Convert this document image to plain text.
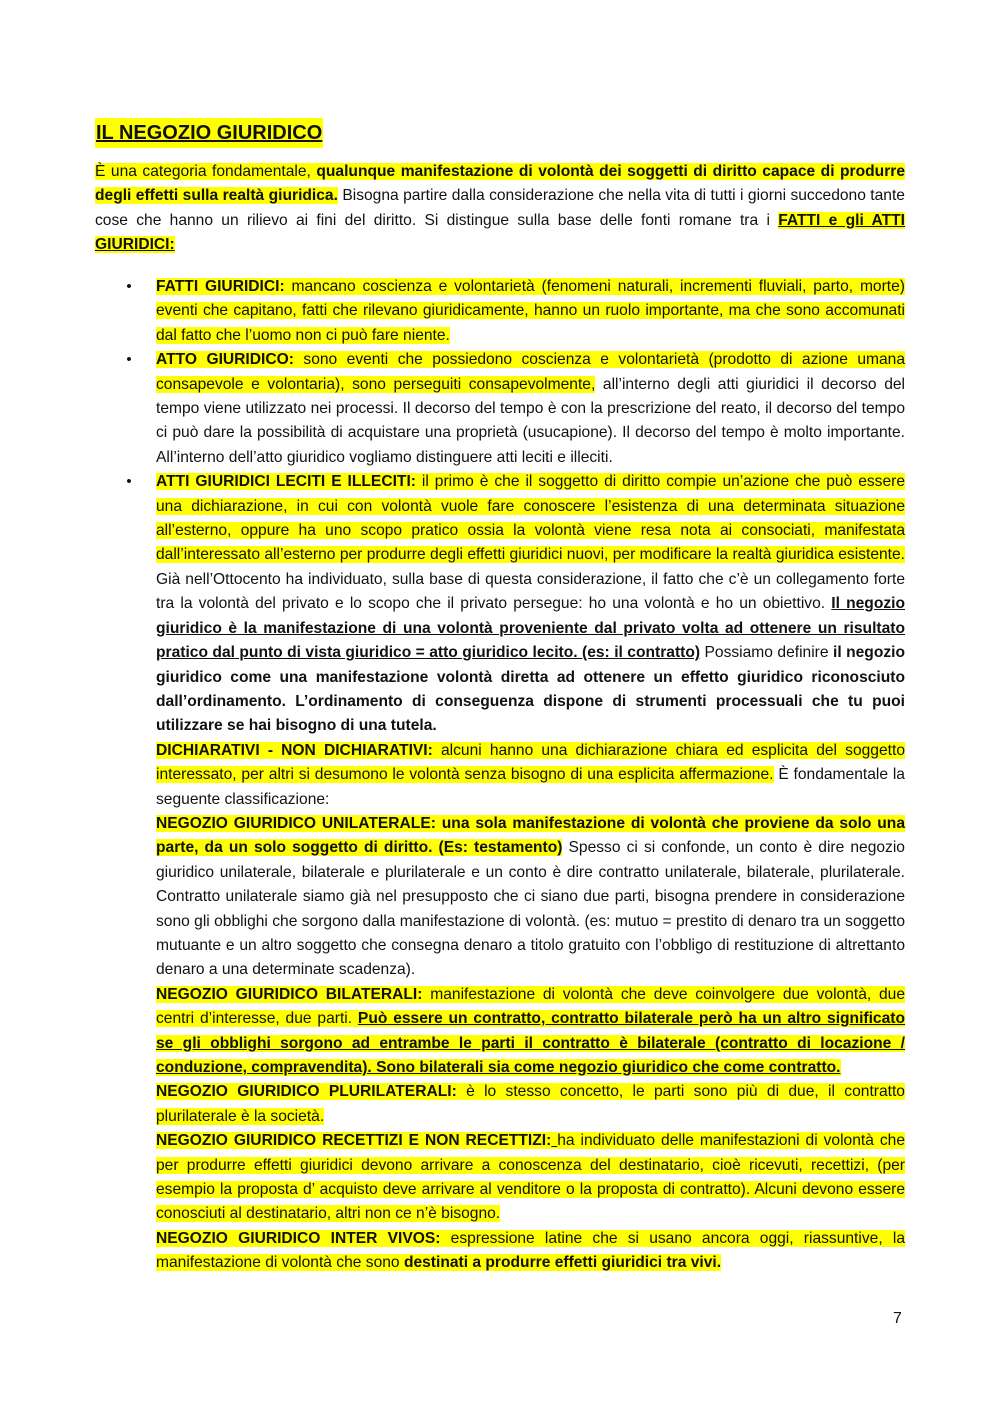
IL NEGOZIO GIURIDICO

È una categoria fondamentale, qualunque manifestazione di volontà dei soggetti di diritto capace di produrre degli effetti sulla realtà giuridica. Bisogna partire dalla considerazione che nella vita di tutti i giorni succedono tante cose che hanno un rilievo ai fini del diritto. Si distingue sulla base delle fonti romane tra i FATTI e gli ATTI GIURIDICI:

• FATTI GIURIDICI: mancano coscienza e volontarietà (fenomeni naturali, incrementi fluviali, parto, morte) eventi che capitano, fatti che rilevano giuridicamente, hanno un ruolo importante, ma che sono accomunati dal fatto che l’uomo non ci può fare niente.
• ATTO GIURIDICO: sono eventi che possiedono coscienza e volontarietà (prodotto di azione umana consapevole e volontaria), sono perseguiti consapevolmente, all’interno degli atti giuridici il decorso del tempo viene utilizzato nei processi. Il decorso del tempo è con la prescrizione del reato, il decorso del tempo ci può dare la possibilità di acquistare una proprietà (usucapione). Il decorso del tempo è molto importante. All’interno dell’atto giuridico vogliamo distinguere atti leciti e illeciti.
• ATTI GIURIDICI LECITI E ILLECITI: il primo è che il soggetto di diritto compie un’azione che può essere una dichiarazione, in cui con volontà vuole fare conoscere l’esistenza di una determinata situazione all’esterno, oppure ha uno scopo pratico ossia la volontà viene resa nota ai consociati, manifestata dall’interessato all’esterno per produrre degli effetti giuridici nuovi, per modificare la realtà giuridica esistente. Già nell’Ottocento ha individuato, sulla base di questa considerazione, il fatto che c’è un collegamento forte tra la volontà del privato e lo scopo che il privato persegue: ho una volontà e ho un obiettivo. Il negozio giuridico è la manifestazione di una volontà proveniente dal privato volta ad ottenere un risultato pratico dal punto di vista giuridico = atto giuridico lecito. (es: il contratto) Possiamo definire il negozio giuridico come una manifestazione volontà diretta ad ottenere un effetto giuridico riconosciuto dall’ordinamento. L’ordinamento di conseguenza dispone di strumenti processuali che tu puoi utilizzare se hai bisogno di una tutela.
DICHIARATIVI - NON DICHIARATIVI: alcuni hanno una dichiarazione chiara ed esplicita del soggetto interessato, per altri si desumono le volontà senza bisogno di una esplicita affermazione. È fondamentale la seguente classificazione:
NEGOZIO GIURIDICO UNILATERALE: una sola manifestazione di volontà che proviene da solo una parte, da un solo soggetto di diritto. (Es: testamento) Spesso ci si confonde, un conto è dire negozio giuridico unilaterale, bilaterale e plurilaterale e un conto è dire contratto unilaterale, bilaterale, plurilaterale. Contratto unilaterale siamo già nel presupposto che ci siano due parti, bisogna prendere in considerazione sono gli obblighi che sorgono dalla manifestazione di volontà. (es: mutuo = prestito di denaro tra un soggetto mutuante e un altro soggetto che consegna denaro a titolo gratuito con l’obbligo di restituzione di altrettanto denaro a una determinate scadenza).
NEGOZIO GIURIDICO BILATERALI: manifestazione di volontà che deve coinvolgere due volontà, due centri d’interesse, due parti. Può essere un contratto, contratto bilaterale però ha un altro significato se gli obblighi sorgono ad entrambe le parti il contratto è bilaterale (contratto di locazione / conduzione, compravendita). Sono bilaterali sia come negozio giuridico che come contratto.
NEGOZIO GIURIDICO PLURILATERALI: è lo stesso concetto, le parti sono più di due, il contratto plurilaterale è la società.
NEGOZIO GIURIDICO RECETTIZI E NON RECETTIZI: ha individuato delle manifestazioni di volontà che per produrre effetti giuridici devono arrivare a conoscenza del destinatario, cioè ricevuti, recettizi, (per esempio la proposta d’ acquisto deve arrivare al venditore o la proposta di contratto). Alcuni devono essere conosciuti al destinatario, altri non ce n’è bisogno.
NEGOZIO GIURIDICO INTER VIVOS: espressione latine che si usano ancora oggi, riassuntive, la manifestazione di volontà che sono destinati a produrre effetti giuridici tra vivi.
7
